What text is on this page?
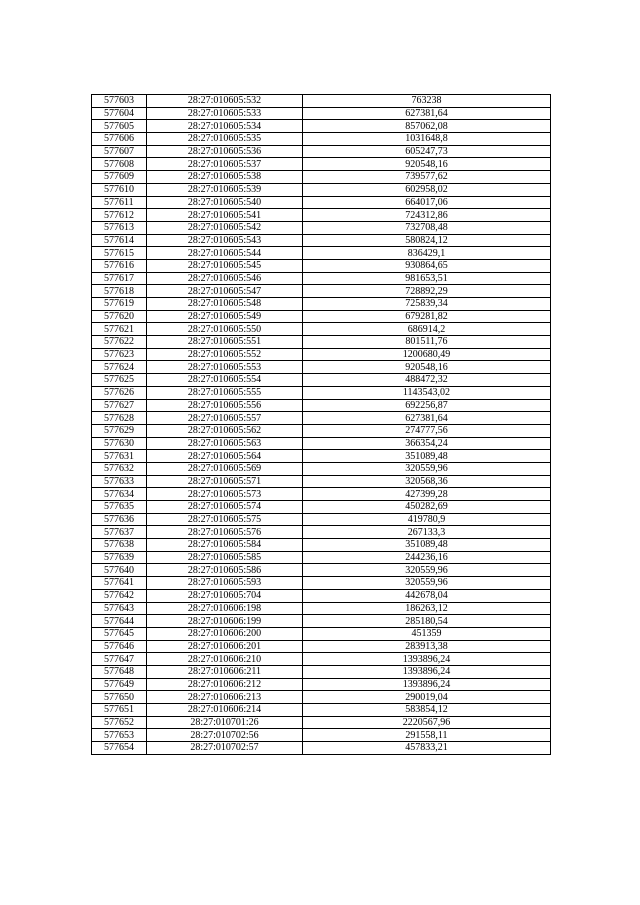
577603	28:27:010605:532	763238
577604	28:27:010605:533	627381,64
577605	28:27:010605:534	857062,08
577606	28:27:010605:535	1031648,8
577607	28:27:010605:536	605247,73
577608	28:27:010605:537	920548,16
577609	28:27:010605:538	739577,62
577610	28:27:010605:539	602958,02
577611	28:27:010605:540	664017,06
577612	28:27:010605:541	724312,86
577613	28:27:010605:542	732708,48
577614	28:27:010605:543	580824,12
577615	28:27:010605:544	836429,1
577616	28:27:010605:545	930864,65
577617	28:27:010605:546	981653,51
577618	28:27:010605:547	728892,29
577619	28:27:010605:548	725839,34
577620	28:27:010605:549	679281,82
577621	28:27:010605:550	686914,2
577622	28:27:010605:551	801511,76
577623	28:27:010605:552	1200680,49
577624	28:27:010605:553	920548,16
577625	28:27:010605:554	488472,32
577626	28:27:010605:555	1143543,02
577627	28:27:010605:556	692256,87
577628	28:27:010605:557	627381,64
577629	28:27:010605:562	274777,56
577630	28:27:010605:563	366354,24
577631	28:27:010605:564	351089,48
577632	28:27:010605:569	320559,96
577633	28:27:010605:571	320568,36
577634	28:27:010605:573	427399,28
577635	28:27:010605:574	450282,69
577636	28:27:010605:575	419780,9
577637	28:27:010605:576	267133,3
577638	28:27:010605:584	351089,48
577639	28:27:010605:585	244236,16
577640	28:27:010605:586	320559,96
577641	28:27:010605:593	320559,96
577642	28:27:010605:704	442678,04
577643	28:27:010606:198	186263,12
577644	28:27:010606:199	285180,54
577645	28:27:010606:200	451359
577646	28:27:010606:201	283913,38
577647	28:27:010606:210	1393896,24
577648	28:27:010606:211	1393896,24
577649	28:27:010606:212	1393896,24
577650	28:27:010606:213	290019,04
577651	28:27:010606:214	583854,12
577652	28:27:010701:26	2220567,96
577653	28:27:010702:56	291558,11
577654	28:27:010702:57	457833,21
